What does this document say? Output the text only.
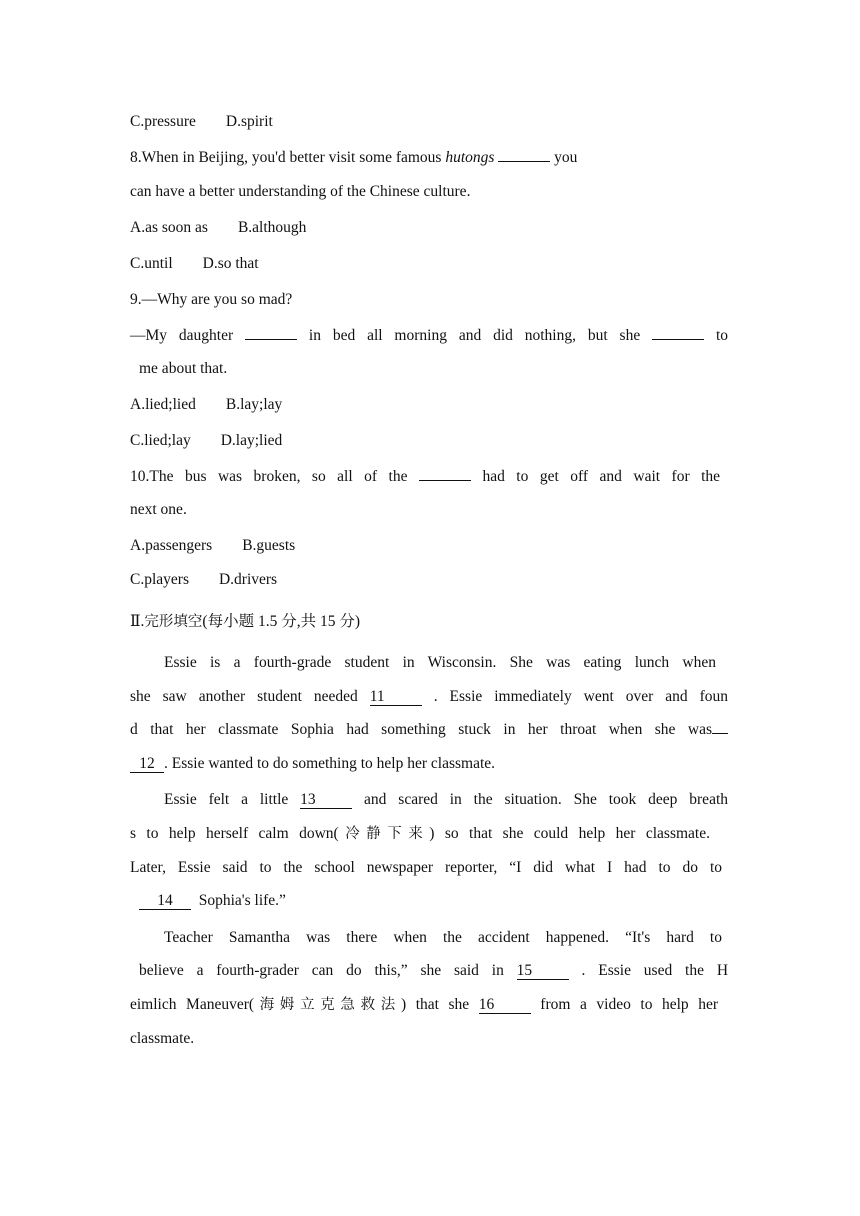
C.pressure D.spirit
8.When in Beijing, you'd better visit some famous hutongs	you
can have a better understanding of the Chinese culture.
A.as soon as B.although
C.until D.so that
9.—Why are you so mad?
—My daughter	in bed all morning and did nothing, but she	to
me about that.
A.lied;lied B.lay;lay
C.lied;lay D.lay;lied
10.The bus was broken, so all of the	had to get off and wait for the
next one.
A.passengers B.guests
C.players D.drivers
Ⅱ.完形填空(每小题 1.5 分,共 15 分)
Essie is a fourth-grade student in Wisconsin. She was eating lunch when
she saw another student needed 11	. Essie immediately went over and foun
d that her classmate Sophia had something stuck in her throat when she was
12 . Essie wanted to do something to help her classmate.
Essie felt a little 13	and scared in the situation. She took deep breath
s to help herself calm down(冷静下来) so that she could help her classmate.
Later, Essie said to the school newspaper reporter, “I did what I had to do to
14 Sophia's life.”
Teacher Samantha was there when the accident happened. “It's hard to
believe a fourth-grader can do this,” she said in 15	. Essie used the H
eimlich Maneuver(海姆立克急救法) that she 16	from a video to help her
classmate.
